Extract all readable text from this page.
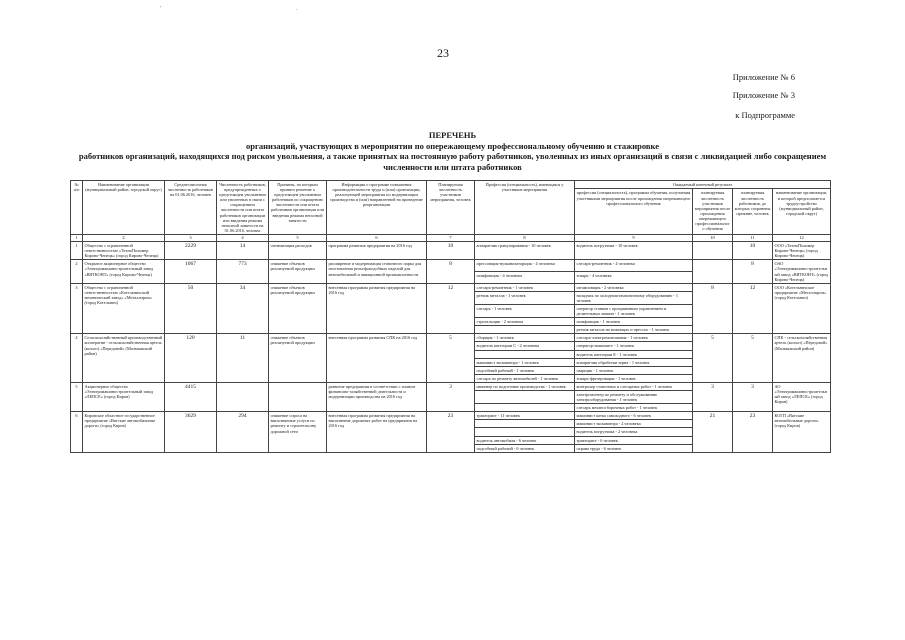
'	.
23
Приложение № 6
Приложение № 3
к Подпрограмме
ПЕРЕЧЕНЬ
организаций, участвующих в мероприятии по опережающему профессиональному обучению и стажировке
работников организаций, находящихся под риском увольнения, а также принятых на постоянную работу работников, уволенных из иных организаций в связи с ликвидацией либо сокращением
численности или штата работников
№ п/п	Наименование организации (муниципальный район, городской округ)	Среднесписочная численность работников на 01.06.2016, человек	Численность работников, предупрежденных о предстоящем увольнении или уволенных в связи с сокращением численности или штата работников организации или введения режима неполной занятости на 01.06.2016, человек	Причины, по которым принято решение о предстоящем увольнении работников по сокращению численности или штата работников организации или введения режима неполной занятости	Информация о программе повышения производительности труда и (или) организации, реализующей мероприятия по модернизации производства и (или) направленной на проведение реорганизации	Планируемая численность участников мероприятия, человек	Профессия (специальность), имеющаяся у участников мероприятия	Ожидаемый конечный результат			
								профессия (специальность), программа обучения, получаемая участниками мероприятия после прохождения опережающего профессионального обучения	планируемая численность участников мероприятия после прохождения опережающего профессионального обучения	планируемая численность работников, до которых сохранены прежние, человек	наименование организации, в которой предполагается трудоустройство (муниципальный район, городской округ)
1	2	3	4	5	6	7	8	9	10	11	12
1	Общество с ограниченной ответственностью «ТехноПолимер Кирово-Чепецк» (город Кирово-Чепецк)	2229	14	оптимизация расходов	программа развития предприятия на 2016 год	10	аппаратчик гранулирования - 10 человек	водитель погрузчика - 10 человек		10	ООО «ТехноПолимер Кирово-Чепецк» (город Кирово-Чепецк)
2	Открытое акционерное общество «Электромашиностроительный завод «ВЯТКОНТ» (город Кирово-Чепецк)	1067	773	снижение объемов реализуемой продукции	расширение и модернизация станочного парка для изготовления рельефоподобных изделий для автомобильной и авиационной промышленности	8	прессовщик-вулканизаторщик - 4 человека	слесарь-ремонтник - 4 человека		8	ОАО «Электромашиностроительный завод «ВЯТКОНТ» (город Кирово-Чепецк)
							шлифовщик - 4 человека	токарь - 4 человека			
3	Общество с ограниченной ответственностью «Котельничский механический завод» «Металлпром» (город Котельнич)	50	34	снижение объемов реализуемой продукции	внесенная программа развития предприятия на 2016 год	12	слесарь-ремонтник - 1 человек	штамповщик - 2 человека	8	12	ООО «Котельничское предприятие «Металлпром» (город Котельнич)
							резчик металла - 1 человек	наладчик по холодноштамповочному оборудованию - 1 человек			
							слесарь - 1 человек	оператор станков с программным управлением и делительных машин - 1 человек			
							строгальщик - 2 человека	шлифовщик - 1 человек			
								резчик металла на ножницах и прессах - 1 человек			
4	Сельскохозяйственный производственный кооператив - сельскохозяйственная артель (колхоз) «Передовой» (Малмыжский район)	120	11	снижение объемов реализуемой продукции	внесенная программа развития СПК на 2016 год	5	сборщик - 1 человек	слесарь-электромонтажник - 1 человек	5	5	СПК - сельскохозяйственная артель (колхоз) «Передовой» (Малмыжский район)
							водитель категории С - 2 человека	оператор-машинист - 1 человек			
								водитель категории Е - 1 человек			
							машинист экскаватора - 1 человек	аппаратчик обработки зерна - 1 человек			
							подсобный рабочий - 1 человек	сварщик - 1 человек			
							слесарь по ремонту автомобилей - 1 человек	токарь-фрезеровщик - 1 человек			
5	Акционерное общество «Электромашиностроительный завод «ЛЕПСЕ» (город Киров)	4415			развитие предприятия в соответствии с планом финансово-хозяйственной деятельности и модернизации производства на 2016 год	3	инженер по подготовке производства - 1 человек	контролер станочных и слесарных работ - 1 человек	3	3	АО «Электромашиностроительный завод «ЛЕПСЕ» (город Киров)
								электромонтер по ремонту и обслуживанию электрооборудования - 1 человек			
								слесарь механосборочных работ - 1 человек			
6	Кировское областное государственное предприятие «Вятские автомобильные дороги» (город Киров)	3629	294	снижение спроса на выполняемые услуги по ремонту и строительству дорожной сети	внесенная программа развития предприятия на выполнение дорожных работ на предприятии на 2016 год	23	тракторист - 11 человек	машинист катка самоходного - 6 человек	21	23	КОГП «Вятские автомобильные дороги» (город Киров)
								машинист экскаватора - 2 человека			
								водитель погрузчика - 2 человека			
							водитель автомобиля - 6 человек	тракторист - 6 человек			
							подсобный рабочий - 6 человек	охрана труда - 6 человек			
